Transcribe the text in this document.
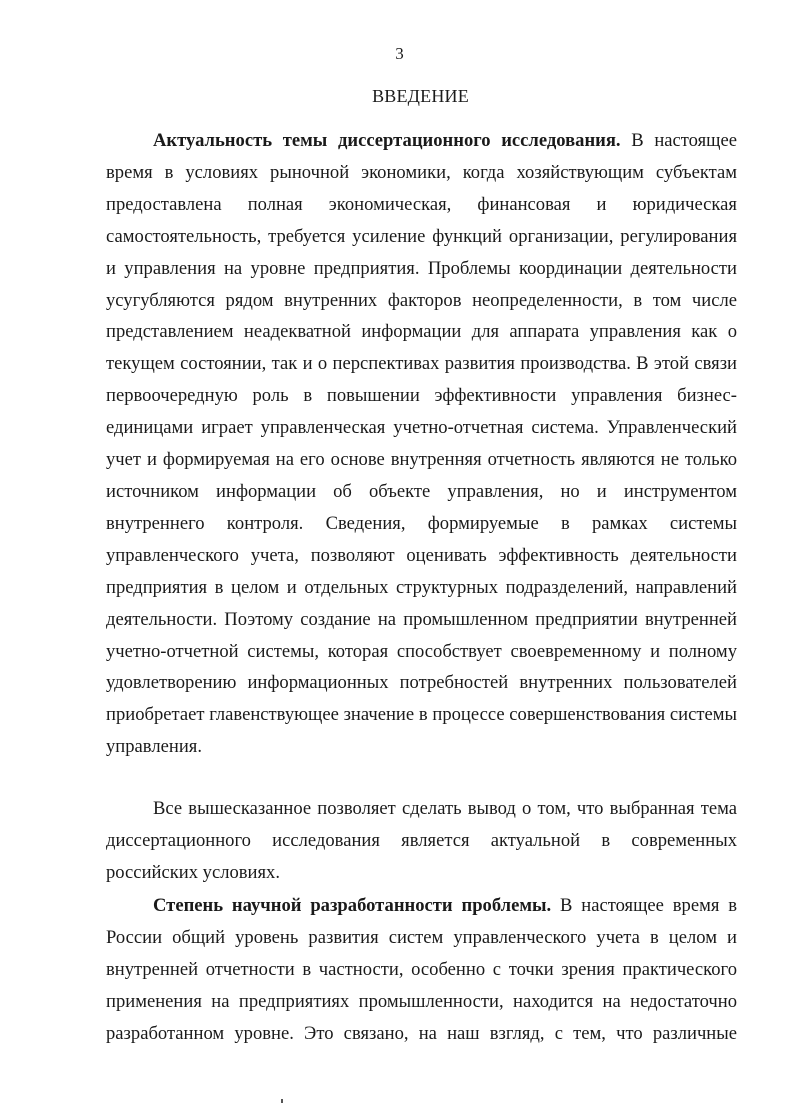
3
ВВЕДЕНИЕ

Актуальность темы диссертационного исследования. В настоящее время в условиях рыночной экономики, когда хозяйствующим субъектам предоставлена полная экономическая, финансовая и юридическая самостоятельность, требуется усиление функций организации, регулирования и управления на уровне предприятия. Проблемы координации деятельности усугубляются рядом внутренних факторов неопределенности, в том числе представлением неадекватной информации для аппарата управления как о текущем состоянии, так и о перспективах развития производства. В этой связи первоочередную роль в повышении эффективности управления бизнес-единицами играет управленческая учетно-отчетная система. Управленческий учет и формируемая на его основе внутренняя отчетность являются не только источником информации об объекте управления, но и инструментом внутреннего контроля. Сведения, формируемые в рамках системы управленческого учета, позволяют оценивать эффективность деятельности предприятия в целом и отдельных структурных подразделений, направлений деятельности. Поэтому создание на промышленном предприятии внутренней учетно-отчетной системы, которая способствует своевременному и полному удовлетворению информационных потребностей внутренних пользователей приобретает главенствующее значение в процессе совершенствования системы управления.

Все вышесказанное позволяет сделать вывод о том, что выбранная тема диссертационного исследования является актуальной в современных российских условиях.

Степень научной разработанности проблемы. В настоящее время в России общий уровень развития систем управленческого учета в целом и внутренней отчетности в частности, особенно с точки зрения практического применения на предприятиях промышленности, находится на недостаточно разработанном уровне. Это связано, на наш взгляд, с тем, что различные
